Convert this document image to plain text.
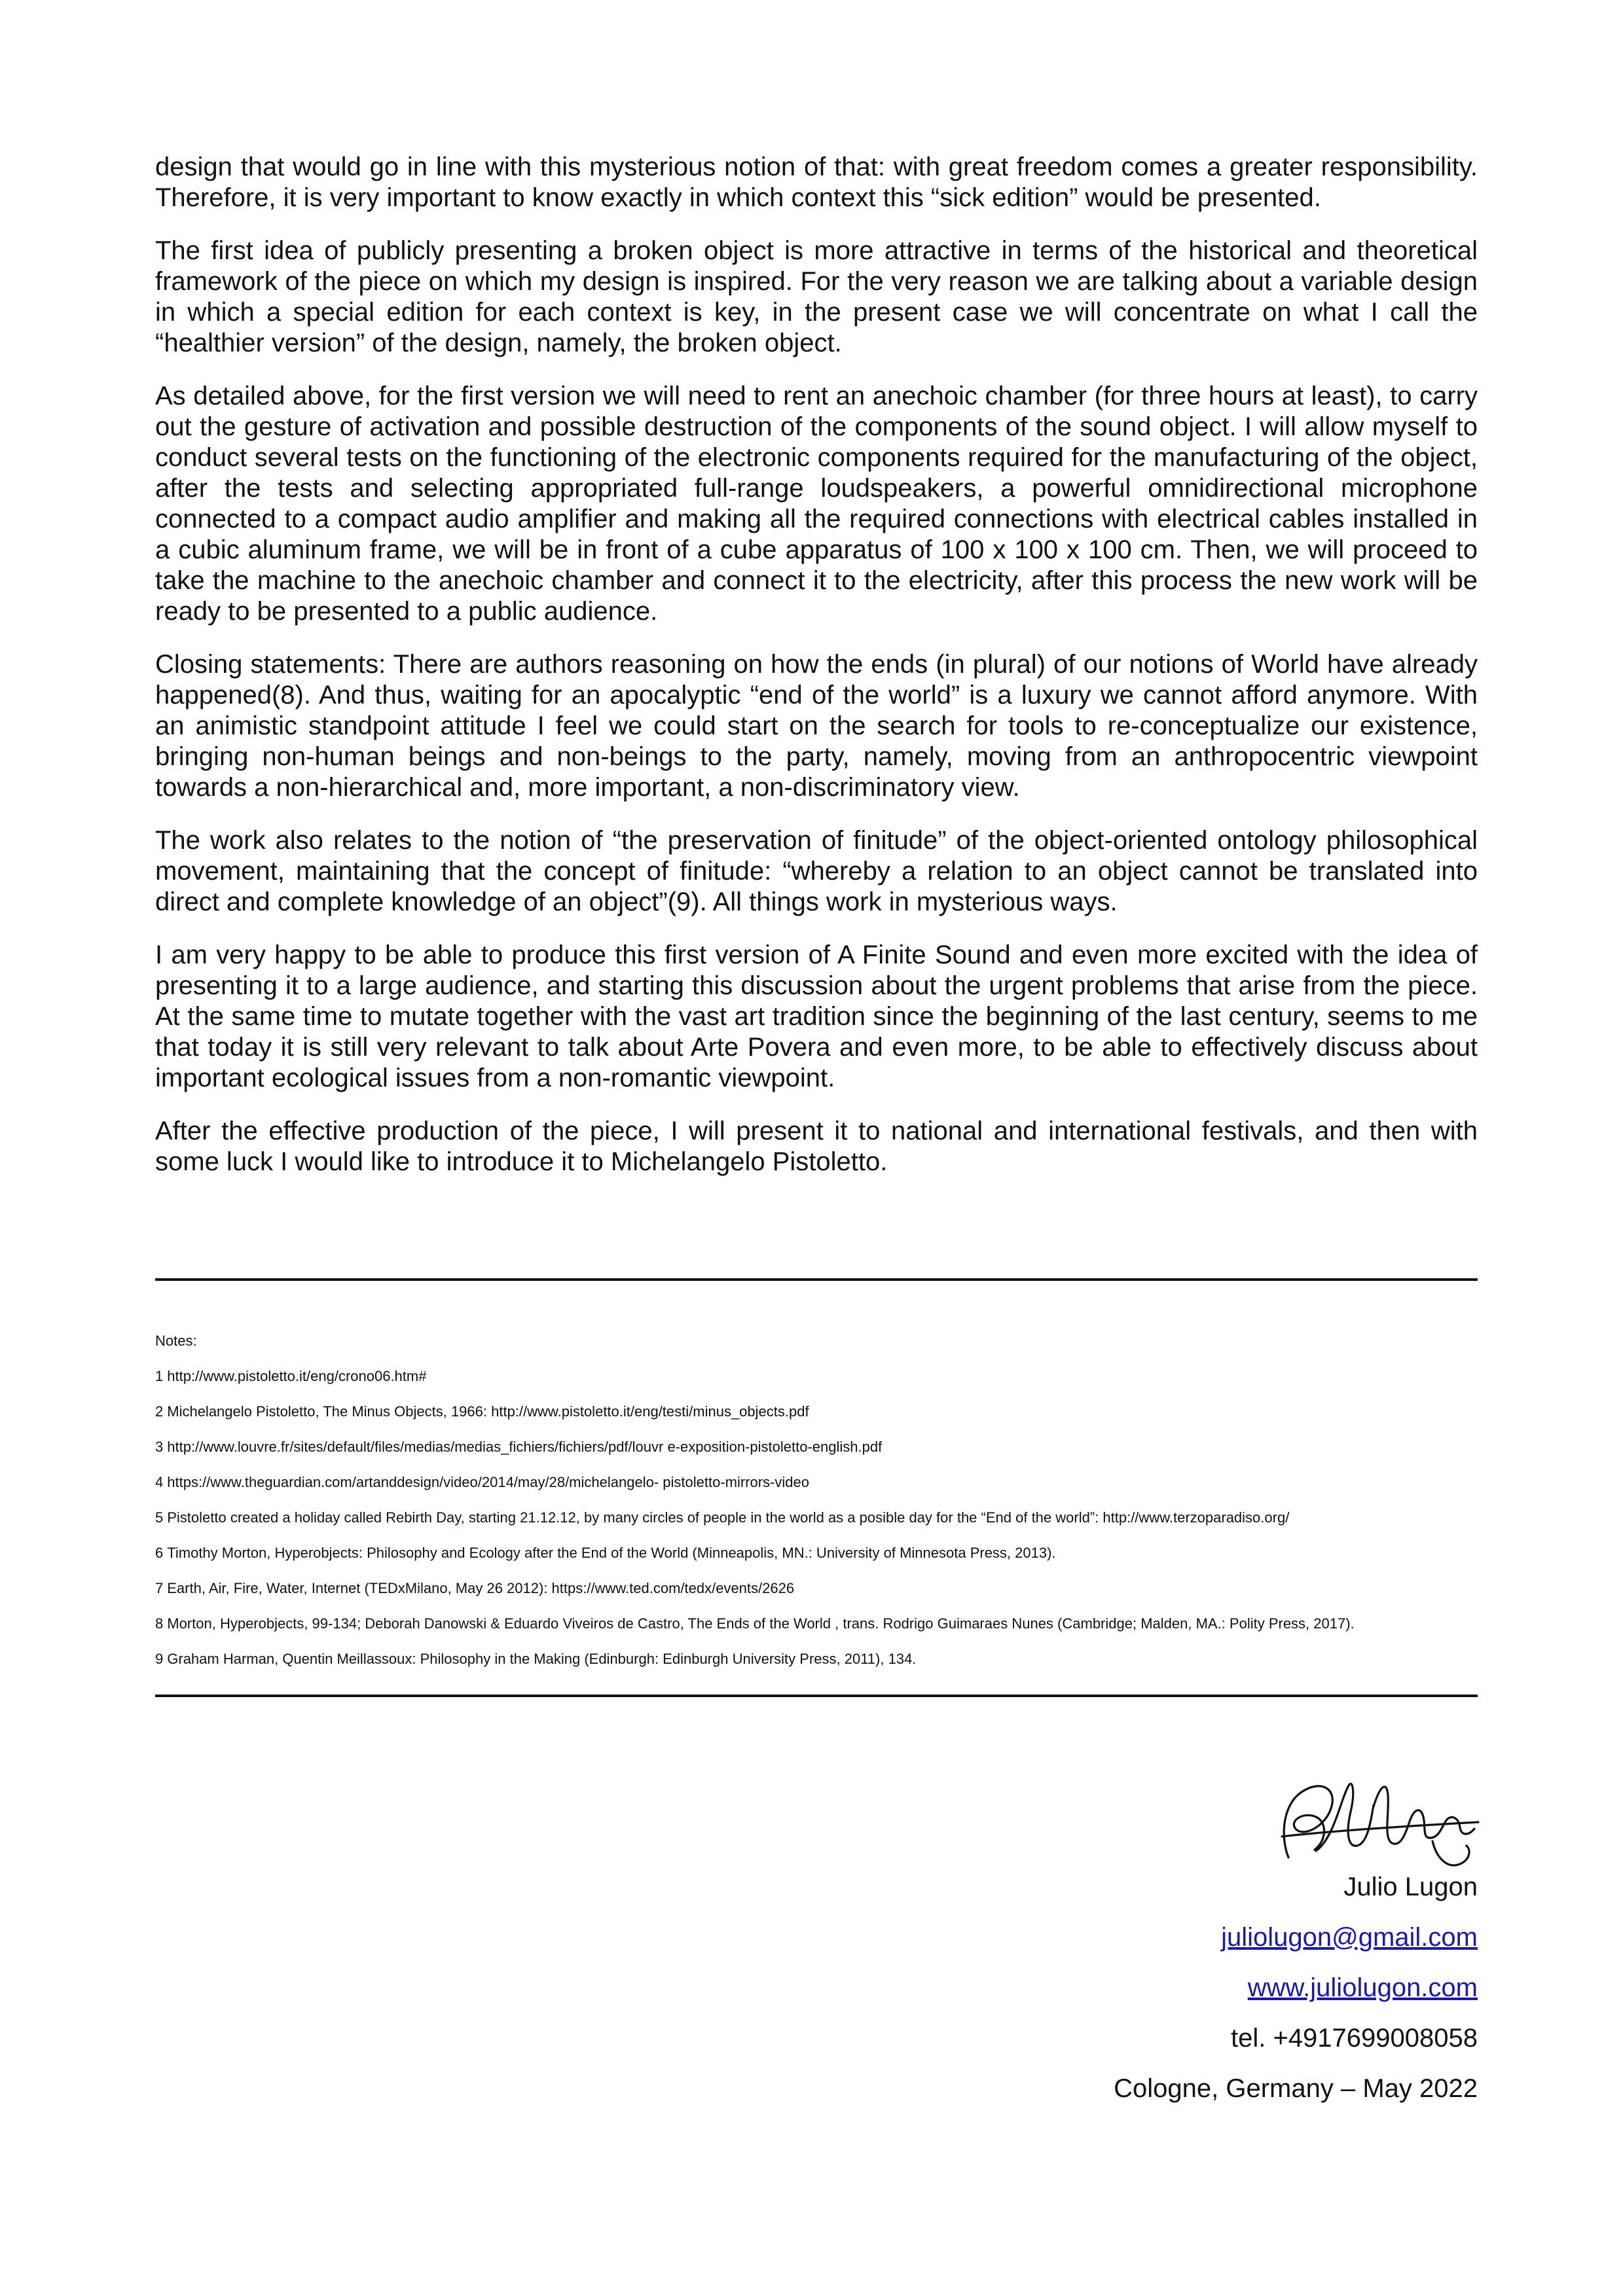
design that would go in line with this mysterious notion of that: with great freedom comes a greater responsibility. Therefore, it is very important to know exactly in which context this “sick edition” would be presented.

The first idea of publicly presenting a broken object is more attractive in terms of the historical and theoretical framework of the piece on which my design is inspired. For the very reason we are talking about a variable design in which a special edition for each context is key, in the present case we will concentrate on what I call the “healthier version” of the design, namely, the broken object.

As detailed above, for the first version we will need to rent an anechoic chamber (for three hours at least), to carry out the gesture of activation and possible destruction of the components of the sound object. I will allow myself to conduct several tests on the functioning of the electronic components required for the manufacturing of the object, after the tests and selecting appropriated full-range loudspeakers, a powerful omnidirectional microphone connected to a compact audio amplifier and making all the required connections with electrical cables installed in a cubic aluminum frame, we will be in front of a cube apparatus of 100 x 100 x 100 cm. Then, we will proceed to take the machine to the anechoic chamber and connect it to the electricity, after this process the new work will be ready to be presented to a public audience.

Closing statements: There are authors reasoning on how the ends (in plural) of our notions of World have already happened(8). And thus, waiting for an apocalyptic “end of the world” is a luxury we cannot afford anymore. With an animistic standpoint attitude I feel we could start on the search for tools to re-conceptualize our existence, bringing non-human beings and non-beings to the party, namely, moving from an anthropocentric viewpoint towards a non-hierarchical and, more important, a non-discriminatory view.

The work also relates to the notion of “the preservation of finitude” of the object-oriented ontology philosophical movement, maintaining that the concept of finitude: “whereby a relation to an object cannot be translated into direct and complete knowledge of an object”(9). All things work in mysterious ways.

I am very happy to be able to produce this first version of A Finite Sound and even more excited with the idea of presenting it to a large audience, and starting this discussion about the urgent problems that arise from the piece. At the same time to mutate together with the vast art tradition since the beginning of the last century, seems to me that today it is still very relevant to talk about Arte Povera and even more, to be able to effectively discuss about important ecological issues from a non-romantic viewpoint.

After the effective production of the piece, I will present it to national and international festivals, and then with some luck I would like to introduce it to Michelangelo Pistoletto.

Notes:
1 http://www.pistoletto.it/eng/crono06.htm#
2 Michelangelo Pistoletto, The Minus Objects, 1966: http://www.pistoletto.it/eng/testi/minus_objects.pdf
3 http://www.louvre.fr/sites/default/files/medias/medias_fichiers/fichiers/pdf/louvr e-exposition-pistoletto-english.pdf
4 https://www.theguardian.com/artanddesign/video/2014/may/28/michelangelo- pistoletto-mirrors-video
5 Pistoletto created a holiday called Rebirth Day, starting 21.12.12, by many circles of people in the world as a posible day for the “End of the world”: http://www.terzoparadiso.org/
6 Timothy Morton, Hyperobjects: Philosophy and Ecology after the End of the World (Minneapolis, MN.: University of Minnesota Press, 2013).
7 Earth, Air, Fire, Water, Internet (TEDxMilano, May 26 2012): https://www.ted.com/tedx/events/2626
8 Morton, Hyperobjects, 99-134; Deborah Danowski & Eduardo Viveiros de Castro, The Ends of the World , trans. Rodrigo Guimaraes Nunes (Cambridge; Malden, MA.: Polity Press, 2017).
9 Graham Harman, Quentin Meillassoux: Philosophy in the Making (Edinburgh: Edinburgh University Press, 2011), 134.
Julio Lugon
juliolugon@gmail.com
www.juliolugon.com
tel. +4917699008058
Cologne, Germany – May 2022
